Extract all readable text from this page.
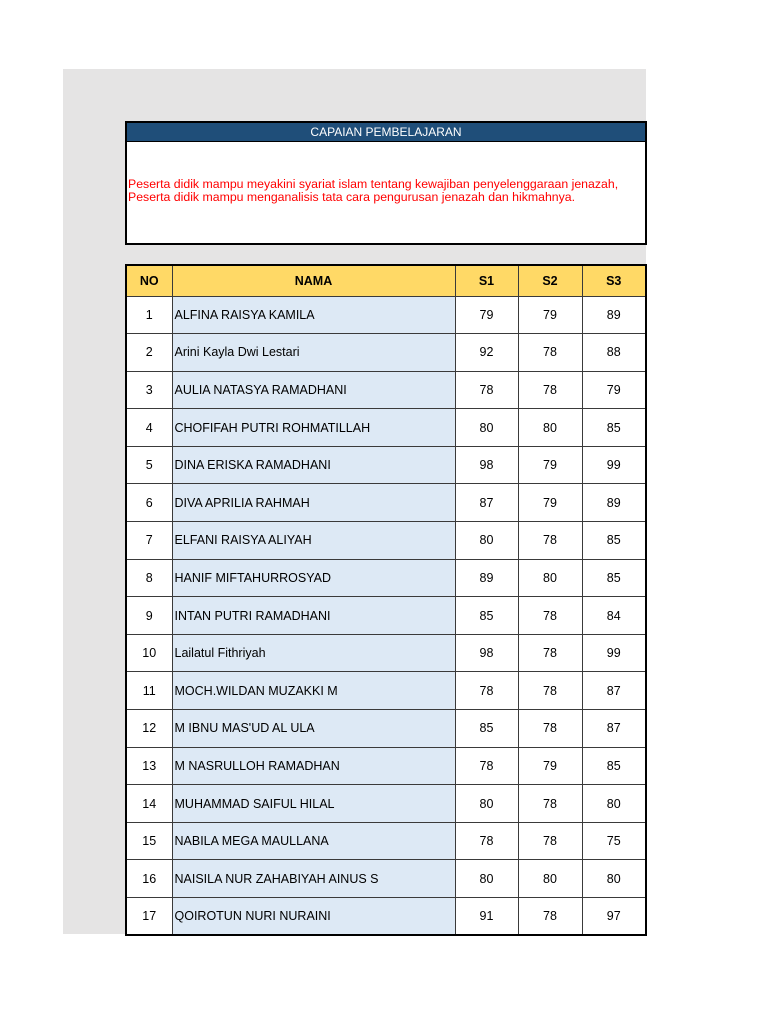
CAPAIAN PEMBELAJARAN
Peserta didik mampu meyakini syariat islam tentang kewajiban penyelenggaraan jenazah,
Peserta didik mampu menganalisis tata cara pengurusan jenazah dan hikmahnya.
NO	NAMA	S1	S2	S3
1	ALFINA RAISYA KAMILA	79	79	89
2	Arini Kayla Dwi Lestari	92	78	88
3	AULIA NATASYA RAMADHANI	78	78	79
4	CHOFIFAH PUTRI ROHMATILLAH	80	80	85
5	DINA ERISKA RAMADHANI	98	79	99
6	DIVA APRILIA RAHMAH	87	79	89
7	ELFANI RAISYA ALIYAH	80	78	85
8	HANIF MIFTAHURROSYAD	89	80	85
9	INTAN PUTRI RAMADHANI	85	78	84
10	Lailatul Fithriyah	98	78	99
11	MOCH.WILDAN MUZAKKI M	78	78	87
12	M IBNU MAS'UD AL ULA	85	78	87
13	M NASRULLOH RAMADHAN	78	79	85
14	MUHAMMAD SAIFUL HILAL	80	78	80
15	NABILA MEGA MAULLANA	78	78	75
16	NAISILA NUR ZAHABIYAH AINUS S	80	80	80
17	QOIROTUN NURI NURAINI	91	78	97
